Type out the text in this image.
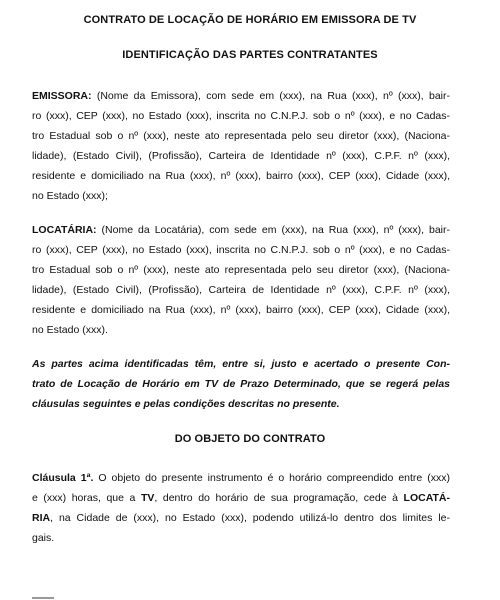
CONTRATO DE LOCAÇÃO DE HORÁRIO EM EMISSORA DE TV
IDENTIFICAÇÃO DAS PARTES CONTRATANTES
EMISSORA: (Nome da Emissora), com sede em (xxx), na Rua (xxx), nº (xxx), bair-
ro (xxx), CEP (xxx), no Estado (xxx), inscrita no C.N.P.J. sob o nº (xxx), e no Cadas-
tro Estadual sob o nº (xxx), neste ato representada pelo seu diretor (xxx), (Naciona-
lidade), (Estado Civil), (Profissão), Carteira de Identidade nº (xxx), C.P.F. nº (xxx),
residente e domiciliado na Rua (xxx), nº (xxx), bairro (xxx), CEP (xxx), Cidade (xxx),
no Estado (xxx);
LOCATÁRIA: (Nome da Locatária), com sede em (xxx), na Rua (xxx), nº (xxx), bair-
ro (xxx), CEP (xxx), no Estado (xxx), inscrita no C.N.P.J. sob o nº (xxx), e no Cadas-
tro Estadual sob o nº (xxx), neste ato representada pelo seu diretor (xxx), (Naciona-
lidade), (Estado Civil), (Profissão), Carteira de Identidade nº (xxx), C.P.F. nº (xxx),
residente e domiciliado na Rua (xxx), nº (xxx), bairro (xxx), CEP (xxx), Cidade (xxx),
no Estado (xxx).
As partes acima identificadas têm, entre si, justo e acertado o presente Con-
trato de Locação de Horário em TV de Prazo Determinado, que se regerá pelas
cláusulas seguintes e pelas condições descritas no presente.
DO OBJETO DO CONTRATO
Cláusula 1ª. O objeto do presente instrumento é o horário compreendido entre (xxx)
e (xxx) horas, que a TV, dentro do horário de sua programação, cede à LOCATÁ-
RIA, na Cidade de (xxx), no Estado (xxx), podendo utilizá-lo dentro dos limites le-
gais.
